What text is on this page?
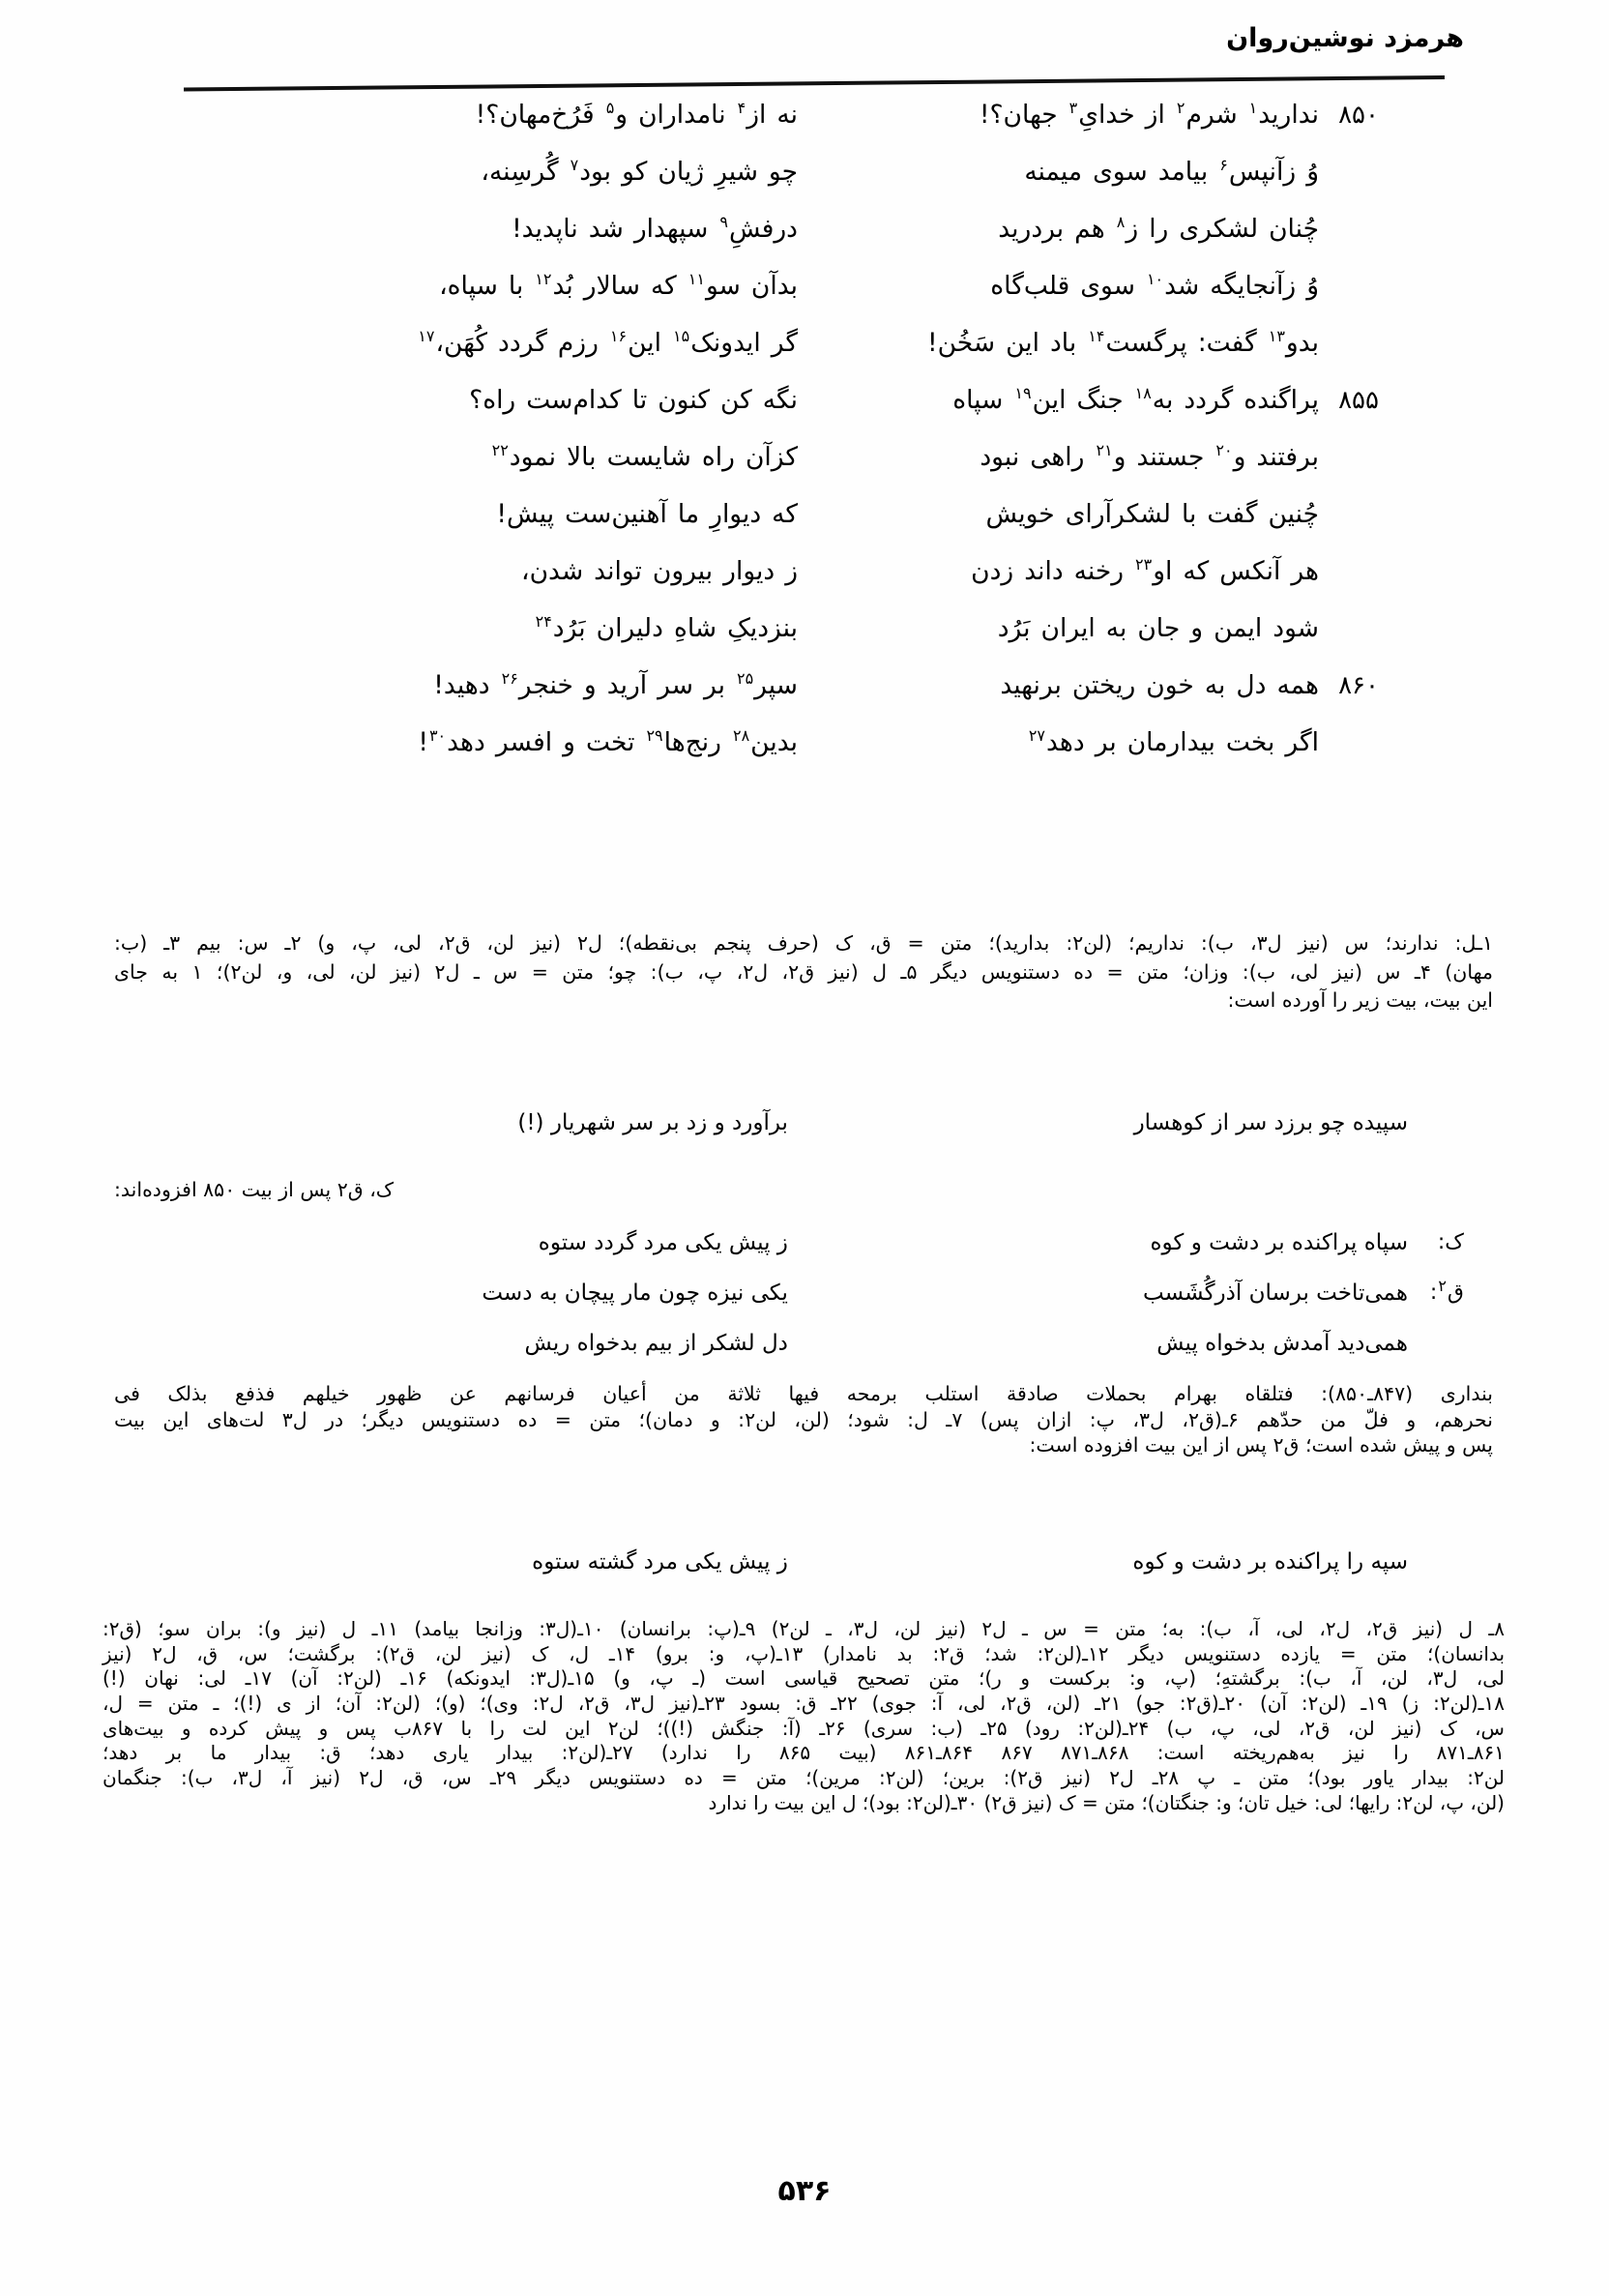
هرمزد نوشین‌روان
۸۵۰ندارید$^۱$شرم$^۲$ازخدایِ$^۳$جهان؟!
نهاز$^۴$نامدارانو$^۵$فَرُخ‌مهان؟!
وُزآنپس$^۶$بیامدسویمیمنه
چوشیرِژیانکوبود$^۷$گُرسِنه،
چُنانلشکریراز$^۸$همبردرید
درفشِ$^۹$سپهدارشدناپدید!
وُزآنجایگهشد$^{۱۰}$سویقلب‌گاه
بدآنسو$^{۱۱}$کهسالاربُد$^{۱۲}$باسپاه،
بدو$^{۱۳}$گفت:پرگست$^{۱۴}$باداینسَخُن!
گرایدونک$^{۱۵}$این$^{۱۶}$رزمگرددکُهَن،$^{۱۷}$
۸۵۵پراگندهگرددبه$^{۱۸}$جنگاین$^{۱۹}$سپاه
نگهکنکنونتاکدام‌ستراه؟
برفتندو$^{۲۰}$جستندو$^{۲۱}$راهینبود
کزآنراهشایستبالانمود$^{۲۲}$
چُنینگفتبالشکرآرایخویش
کهدیوارِماآهنین‌ستپیش!
هرآنکسکهاو$^{۲۳}$رخنهداندزدن
زدیواربیرونتواندشدن،
شودایمنوجانبهایرانبَرُد
بنزدیکِشاهِدلیرانبَرُد$^{۲۴}$
۸۶۰همهدلبهخونریختنبرنهید
سپر$^{۲۵}$برسرآریدوخنجر$^{۲۶}$دهید!
اگربختبیدارمانبردهد$^{۲۷}$
بدین$^{۲۸}$رنج‌ها$^{۲۹}$تختوافسردهد$^{۳۰}$!
۱ـل: ندارند؛ س (نیز ل۳، ب): نداریم؛ (لن۲: بدارید)؛ متن = ق، ک (حرف پنجم بی‌نقطه)؛ ل۲ (نیز لن، ق۲، لی، پ، و) ۲ـ س: بیم ۳ـ (ب:
مهان) ۴ـ س (نیز لی، ب): وزان؛ متن = ده دستنویس دیگر ۵ـ ل (نیز ق۲، ل۲، پ، ب): چو؛ متن = س ـ ل۲ (نیز لن، لی، و، لن۲)؛ ۱ به جای
این بیت، بیت زیر را آورده است:
سپیده چو برزد سر از کوهسار
برآورد و زد بر سر شهریار (!)
ک، ق۲ پس از بیت ۸۵۰ افزوده‌اند:
ک:
سپاه پراکنده بر دشت و کوه
ز پیش یکی مرد گردد ستوه
ق$^۲$:
همی‌تاخت برسان آذرگُشَسب
یکی نیزه چون مار پیچان به دست
همی‌دید آمدش بدخواه پیش
دل لشکر از بیم بدخواه ریش
بنداری (۸۴۷ـ۸۵۰): فتلقاه بهرام بحملات صادقة استلب برمحه فیها ثلاثة من أعیان فرسانهم عن ظهور خیلهم فذفع بذلک فی
نحرهم، و فلّ من حدّهم ۶ـ(ق۲، ل۳، پ: ازان پس) ۷ـ ل: شود؛ (لن، لن۲: و دمان)؛ متن = ده دستنویس دیگر؛ در ل۳ لت‌های این بیت
پس و پیش شده است؛ ق۲ پس از این بیت افزوده است:
سپه را پراکنده بر دشت و کوه
ز پیش یکی مرد گشته ستوه
۸ـ ل (نیز ق۲، ل۲، لی، آ، ب): به؛ متن = س ـ ل۲ (نیز لن، ل۳، ـ لن۲) ۹ـ(پ: برانسان) ۱۰ـ(ل۳: وزانجا بیامد) ۱۱ـ ل (نیز و): بران سو؛ (ق۲:
بدانسان)؛ متن = یازده دستنویس دیگر ۱۲ـ(لن۲: شد؛ ق۲: بد نامدار) ۱۳ـ(پ، و: برو) ۱۴ـ ل، ک (نیز لن، ق۲): برگشت؛ س، ق، ل۲ (نیز
لی، ل۳، لن، آ، ب): برگشتهِ؛ (پ، و: برکست و ر)؛ متن تصحیح قیاسی است (ـ پ، و) ۱۵ـ(ل۳: ایدونکه) ۱۶ـ (لن۲: آن) ۱۷ـ لی: نهان (!)
۱۸ـ(لن۲: ز) ۱۹ـ (لن۲: آن) ۲۰ـ(ق۲: جو) ۲۱ـ (لن، ق۲، لی، آ: جوی) ۲۲ـ ق: بسود ۲۳ـ(نیز ل۳، ق۲، ل۲: وی)؛ (و)؛ (لن۲: آن؛ از ی (!)؛ ـ متن = ل،
س، ک (نیز لن، ق۲، لی، پ، ب) ۲۴ـ(لن۲: رود) ۲۵ـ (ب: سری) ۲۶ـ (آ: جنگش (!))؛ لن۲ این لت را با ۸۶۷ب پس و پیش کرده و بیت‌های
۸۶۱ـ۸۷۱ را نیز به‌هم‌ریخته است: ۸۶۸ـ۸۷۱ ۸۶۷ ۸۶۴ـ۸۶۱ (بیت ۸۶۵ را ندارد) ۲۷ـ(لن۲: بیدار یاری دهد؛ ق: بیدار ما بر دهد؛
لن۲: بیدار یاور بود)؛ متن ـ پ ۲۸ـ ل۲ (نیز ق۲): برین؛ (لن۲: مرین)؛ متن = ده دستنویس دیگر ۲۹ـ س، ق، ل۲ (نیز آ، ل۳، ب): جنگمان
(لن، پ، لن۲: رایها؛ لی: خیل تان؛ و: جنگتان)؛ متن = ک (نیز ق۲) ۳۰ـ(لن۲: بود)؛ ل این بیت را ندارد
۵۳۶
